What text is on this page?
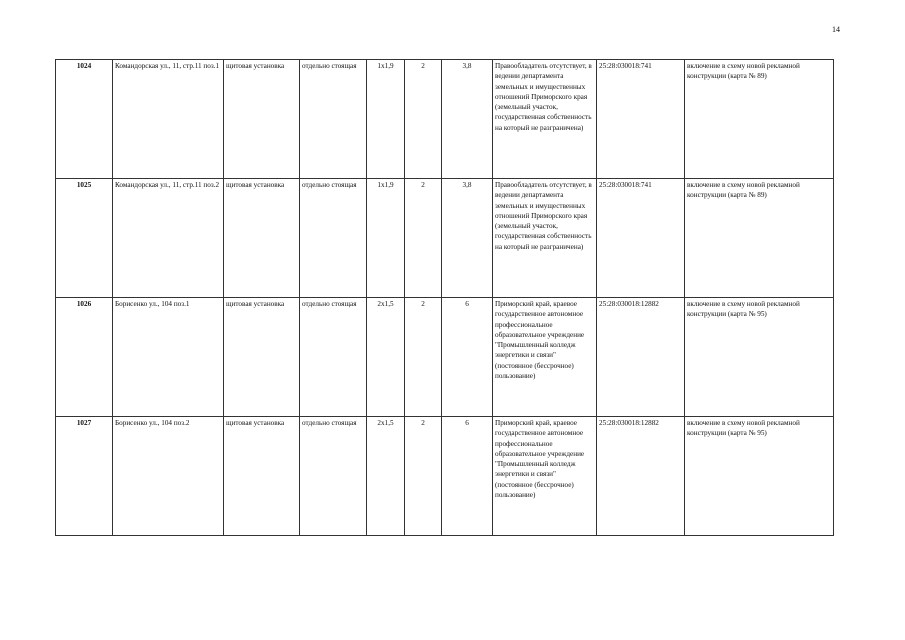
14
1024	Командорская ул., 11, стр.11 поз.1	щитовая установка	отдельно стоящая	1x1,9	2	3,8	Правообладатель отсутствует, в ведении департамента земельных и имущественных отношений Приморского края (земельный участок, государственная собственность на который не разграничена)	25:28:030018:741	включение в схему новой рекламной конструкции (карта № 89)
1025	Командорская ул., 11, стр.11 поз.2	щитовая установка	отдельно стоящая	1x1,9	2	3,8	Правообладатель отсутствует, в ведении департамента земельных и имущественных отношений Приморского края (земельный участок, государственная собственность на который не разграничена)	25:28:030018:741	включение в схему новой рекламной конструкции (карта № 89)
1026	Борисенко ул., 104 поз.1	щитовая установка	отдельно стоящая	2x1,5	2	6	Приморский край, краевое государственное автономное профессиональное образовательное учреждение "Промышленный колледж энергетики и связи" (постоянное (бессрочное) пользование)	25:28:030018:12882	включение в схему новой рекламной конструкции (карта № 95)
1027	Борисенко ул., 104 поз.2	щитовая установка	отдельно стоящая	2x1,5	2	6	Приморский край, краевое государственное автономное профессиональное образовательное учреждение "Промышленный колледж энергетики и связи" (постоянное (бессрочное) пользование)	25:28:030018:12882	включение в схему новой рекламной конструкции (карта № 95)
